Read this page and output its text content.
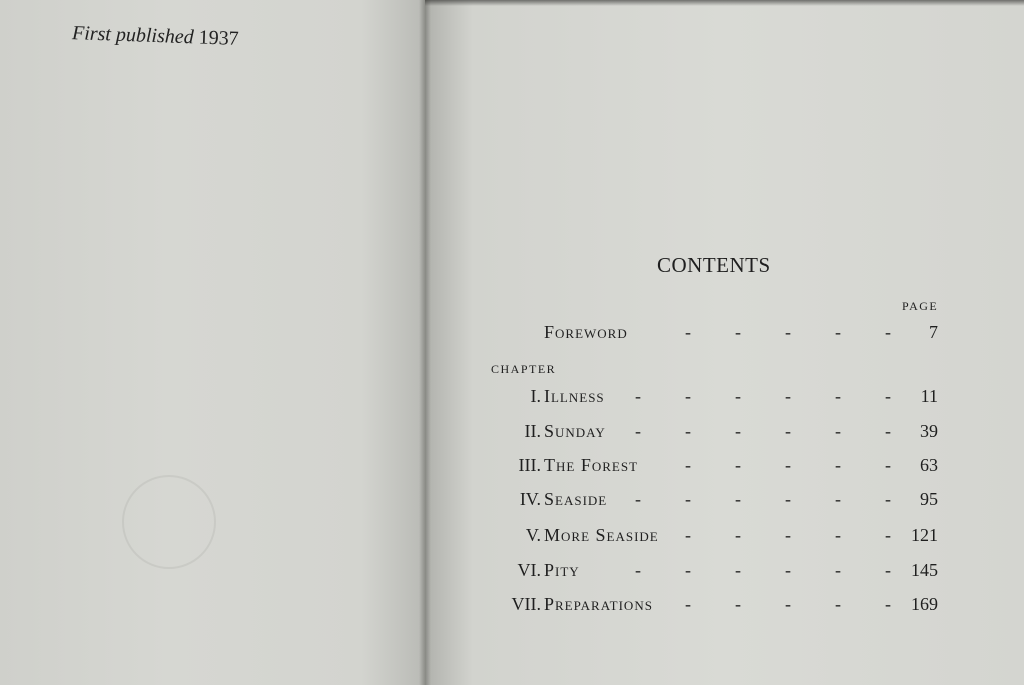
First published 1937
CONTENTS
PAGE
Foreword	- - - - - 7
CHAPTER
I. Illness - - - - - - 11
II. Sunday - - - - - - 39
III. The Forest	- - - - - 63
IV. Seaside - - - - - - 95
V. More Seaside - - - - - 121
VI. Pity	- - - - - - 145
VII. Preparations - - - - - 169
